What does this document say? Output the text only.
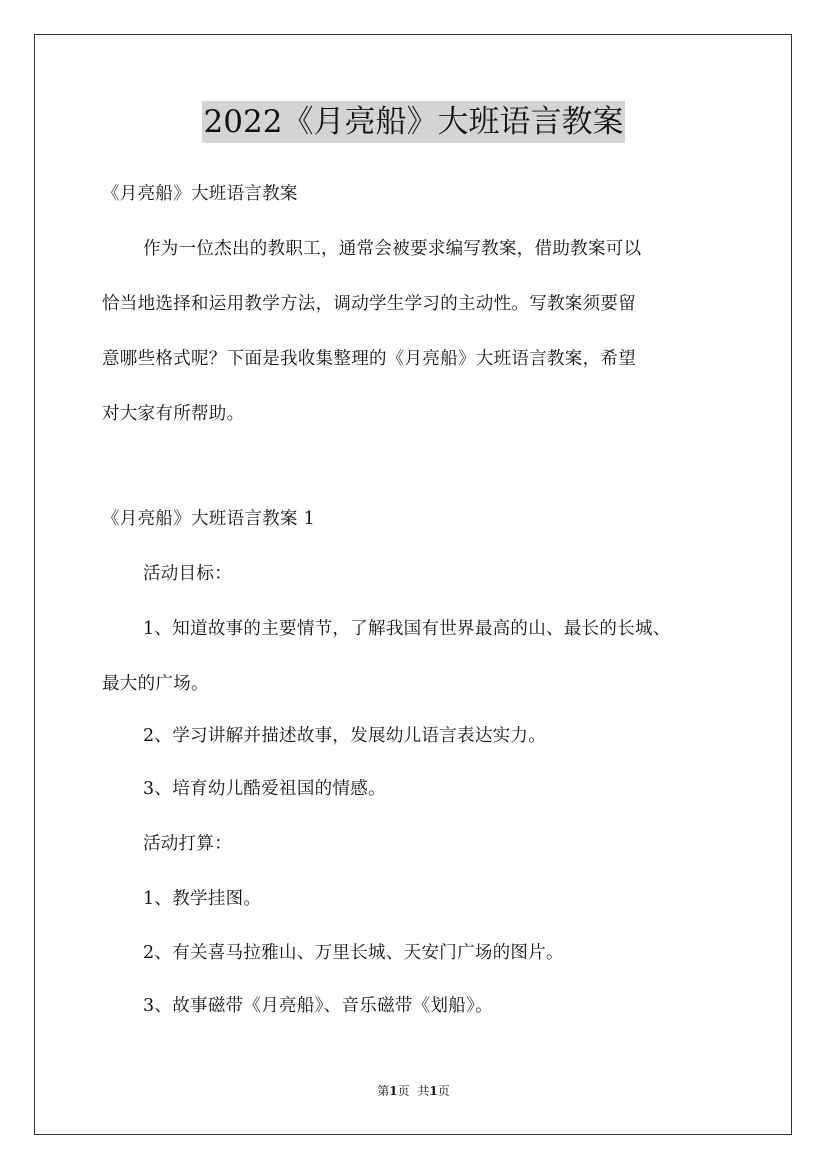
2022《月亮船》大班语言教案
《月亮船》大班语言教案
作为一位杰出的教职工，通常会被要求编写教案，借助教案可以
恰当地选择和运用教学方法，调动学生学习的主动性。写教案须要留
意哪些格式呢？下面是我收集整理的《月亮船》大班语言教案，希望
对大家有所帮助。
《月亮船》大班语言教案 1
活动目标：
1、知道故事的主要情节，了解我国有世界最高的山、最长的长城、
最大的广场。
2、学习讲解并描述故事，发展幼儿语言表达实力。
3、培育幼儿酷爱祖国的情感。
活动打算：
1、教学挂图。
2、有关喜马拉雅山、万里长城、天安门广场的图片。
3、故事磁带《月亮船》、音乐磁带《划船》。
第1页 共1页
